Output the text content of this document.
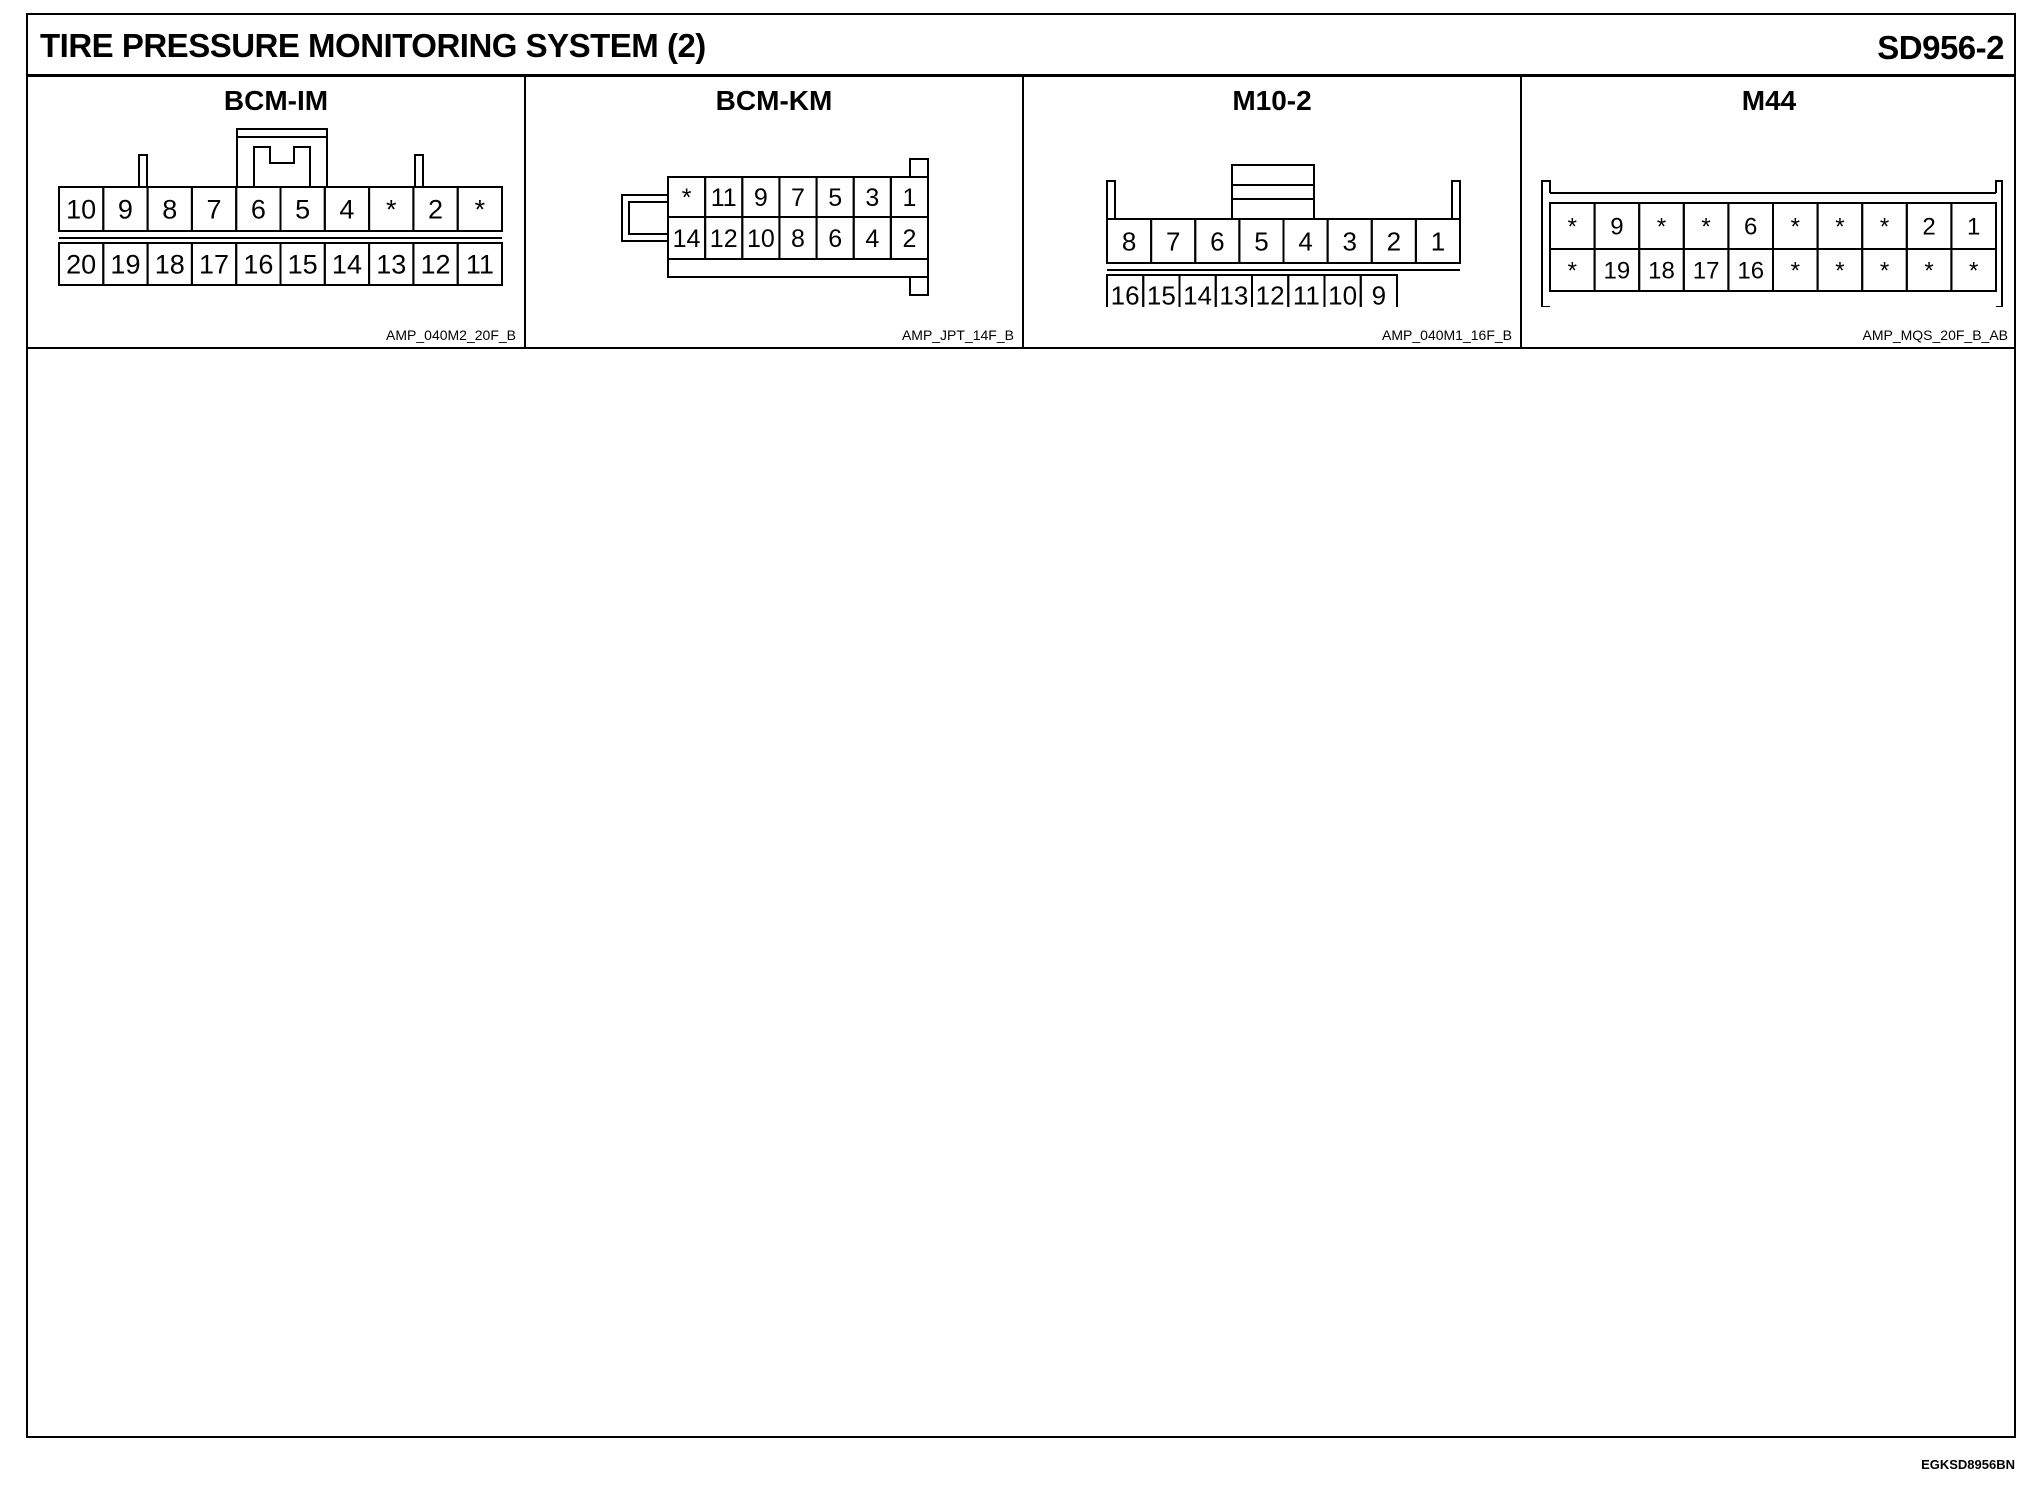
TIRE PRESSURE MONITORING SYSTEM (2)	SD956-2
BCM-IM
10 9 8 7 6 5 4 * 2 *
20 19 18 17 16 15 14 13 12 11
AMP_040M2_20F_B
BCM-KM
* 11 9 7 5 3 1
14 12 10 8 6 4 2
AMP_JPT_14F_B
M10-2
8 7 6 5 4 3 2 1
16 15 14 13 12 11 10 9
AMP_040M1_16F_B
M44
* 9 * * 6 * * * 2 1
* 19 18 17 16 * * * * *
AMP_MQS_20F_B_AB
EGKSD8956BN
